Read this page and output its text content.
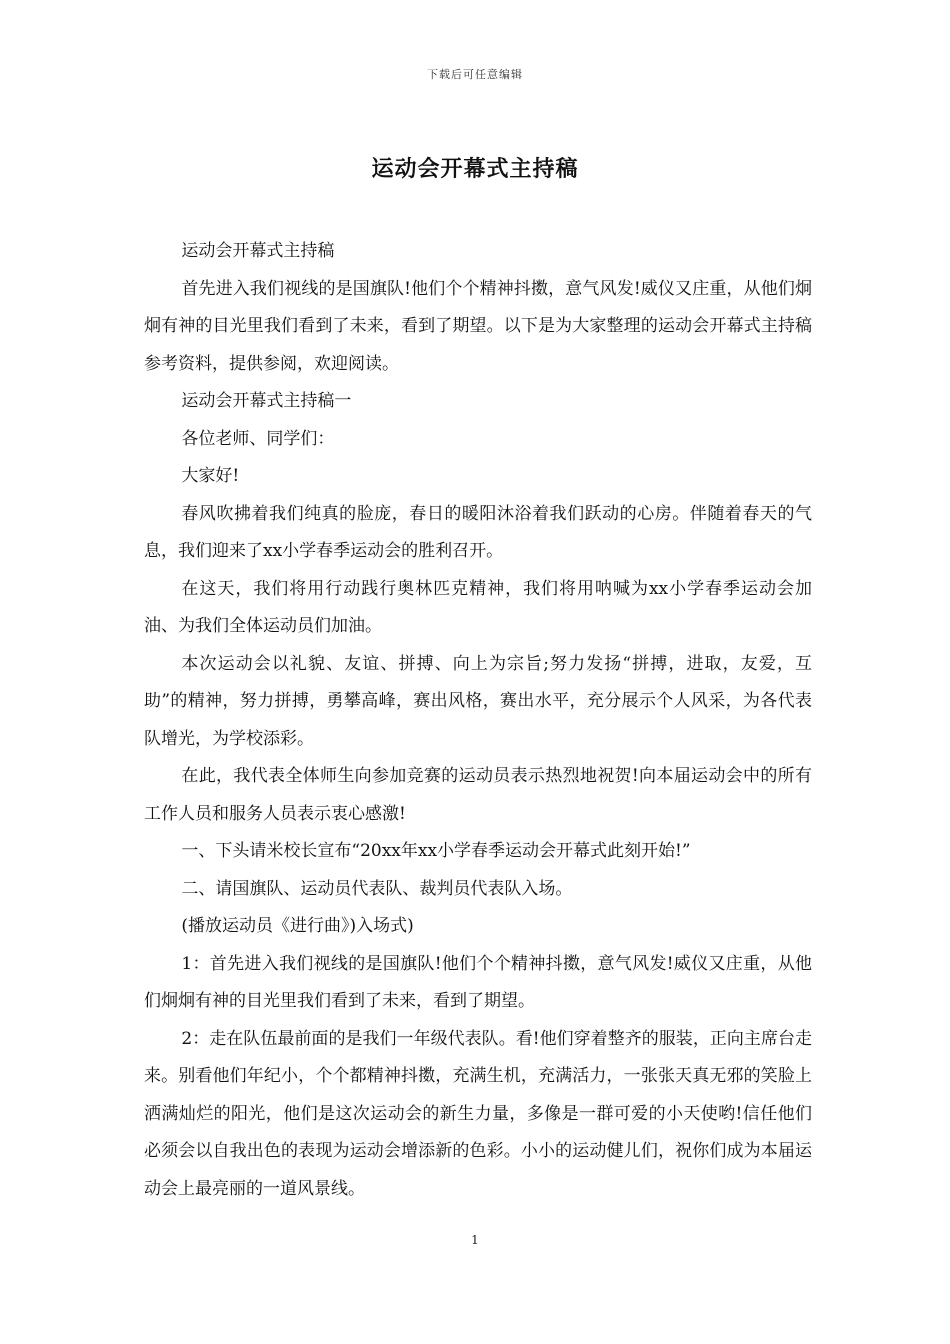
下载后可任意编辑
运动会开幕式主持稿

运动会开幕式主持稿

首先进入我们视线的是国旗队!他们个个精神抖擞，意气风发!威仪又庄重，从他们炯炯有神的目光里我们看到了未来，看到了期望。以下是为大家整理的运动会开幕式主持稿参考资料，提供参阅，欢迎阅读。

运动会开幕式主持稿一

各位老师、同学们：

大家好!

春风吹拂着我们纯真的脸庞，春日的暖阳沐浴着我们跃动的心房。伴随着春天的气息，我们迎来了xx小学春季运动会的胜利召开。

在这天，我们将用行动践行奥林匹克精神，我们将用呐喊为xx小学春季运动会加油、为我们全体运动员们加油。

本次运动会以礼貌、友谊、拼搏、向上为宗旨;努力发扬“拼搏，进取，友爱，互助”的精神，努力拼搏，勇攀高峰，赛出风格，赛出水平，充分展示个人风采，为各代表队增光，为学校添彩。

在此，我代表全体师生向参加竞赛的运动员表示热烈地祝贺!向本届运动会中的所有工作人员和服务人员表示衷心感激!

一、下头请米校长宣布“20xx年xx小学春季运动会开幕式此刻开始!”

二、请国旗队、运动员代表队、裁判员代表队入场。

(播放运动员《进行曲》)入场式)

1：首先进入我们视线的是国旗队!他们个个精神抖擞，意气风发!威仪又庄重，从他们炯炯有神的目光里我们看到了未来，看到了期望。

2：走在队伍最前面的是我们一年级代表队。看!他们穿着整齐的服装，正向主席台走来。别看他们年纪小，个个都精神抖擞，充满生机，充满活力，一张张天真无邪的笑脸上洒满灿烂的阳光，他们是这次运动会的新生力量，多像是一群可爱的小天使哟!信任他们必须会以自我出色的表现为运动会增添新的色彩。小小的运动健儿们，祝你们成为本届运动会上最亮丽的一道风景线。

1
